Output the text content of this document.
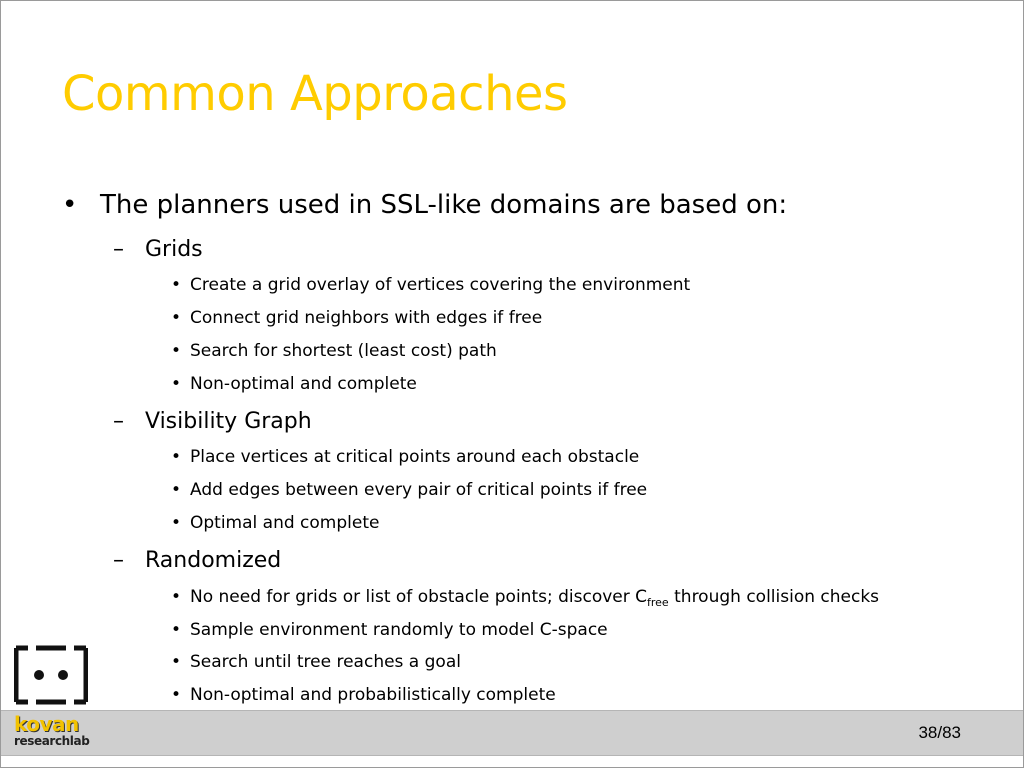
Common Approaches
• The planners used in SSL-like domains are based on:
– Grids
• Create a grid overlay of vertices covering the environment
• Connect grid neighbors with edges if free
• Search for shortest (least cost) path
• Non-optimal and complete
– Visibility Graph
• Place vertices at critical points around each obstacle
• Add edges between every pair of critical points if free
• Optimal and complete
– Randomized
• No need for grids or list of obstacle points; discover $C_{free}$ through collision checks
• Sample environment randomly to model C-space
• Search until tree reaches a goal
• Non-optimal and probabilistically complete
38/83
kovan
researchlab
